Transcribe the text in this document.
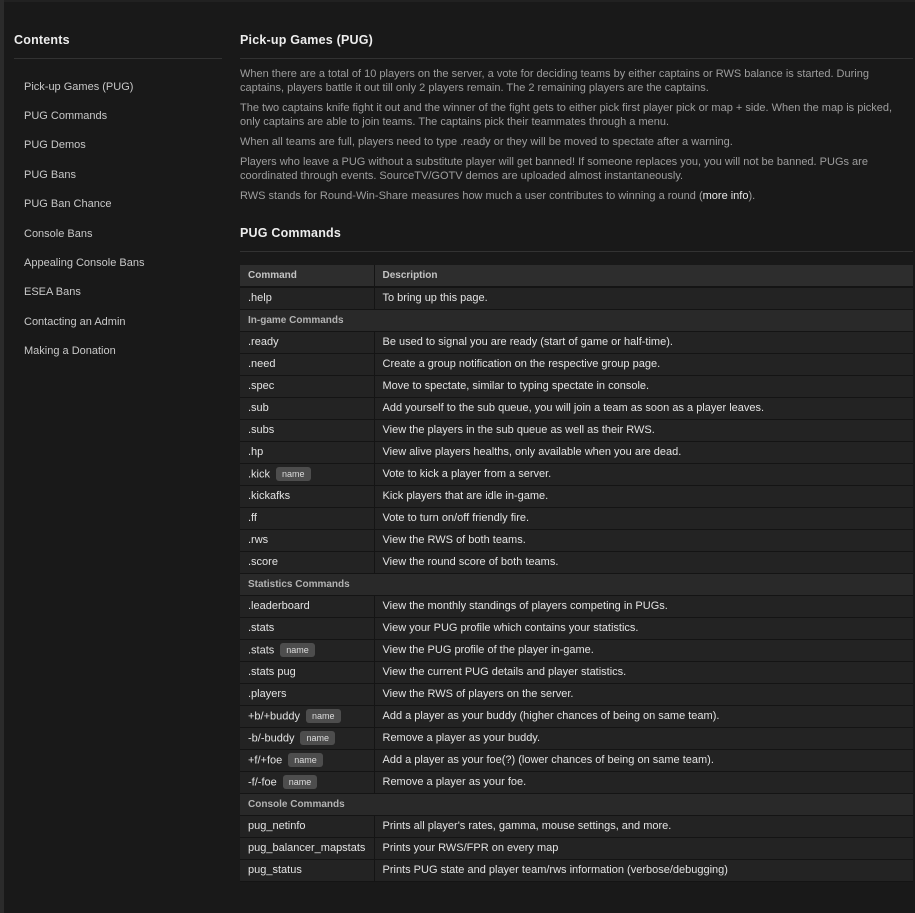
Contents
Pick-up Games (PUG)
PUG Commands
PUG Demos
PUG Bans
PUG Ban Chance
Console Bans
Appealing Console Bans
ESEA Bans
Contacting an Admin
Making a Donation
Pick-up Games (PUG)

When there are a total of 10 players on the server, a vote for deciding teams by either captains or RWS balance is started. During captains, players battle it out till only 2 players remain. The 2 remaining players are the captains.

The two captains knife fight it out and the winner of the fight gets to either pick first player pick or map + side. When the map is picked, only captains are able to join teams. The captains pick their teammates through a menu.

When all teams are full, players need to type .ready or they will be moved to spectate after a warning.

Players who leave a PUG without a substitute player will get banned! If someone replaces you, you will not be banned. PUGs are coordinated through events. SourceTV/GOTV demos are uploaded almost instantaneously.

RWS stands for Round-Win-Share measures how much a user contributes to winning a round (more info).

PUG Commands
Command	Description
.help	To bring up this page.
In-game Commands	
.ready	Be used to signal you are ready (start of game or half-time).
.need	Create a group notification on the respective group page.
.spec	Move to spectate, similar to typing spectate in console.
.sub	Add yourself to the sub queue, you will join a team as soon as a player leaves.
.subs	View the players in the sub queue as well as their RWS.
.hp	View alive players healths, only available when you are dead.
.kick name	Vote to kick a player from a server.
.kickafks	Kick players that are idle in-game.
.ff	Vote to turn on/off friendly fire.
.rws	View the RWS of both teams.
.score	View the round score of both teams.
Statistics Commands	
.leaderboard	View the monthly standings of players competing in PUGs.
.stats	View your PUG profile which contains your statistics.
.stats name	View the PUG profile of the player in-game.
.stats pug	View the current PUG details and player statistics.
.players	View the RWS of players on the server.
+b/+buddy name	Add a player as your buddy (higher chances of being on same team).
-b/-buddy name	Remove a player as your buddy.
+f/+foe name	Add a player as your foe(?) (lower chances of being on same team).
-f/-foe name	Remove a player as your foe.
Console Commands	
pug_netinfo	Prints all player's rates, gamma, mouse settings, and more.
pug_balancer_mapstats	Prints your RWS/FPR on every map
pug_status	Prints PUG state and player team/rws information (verbose/debugging)
